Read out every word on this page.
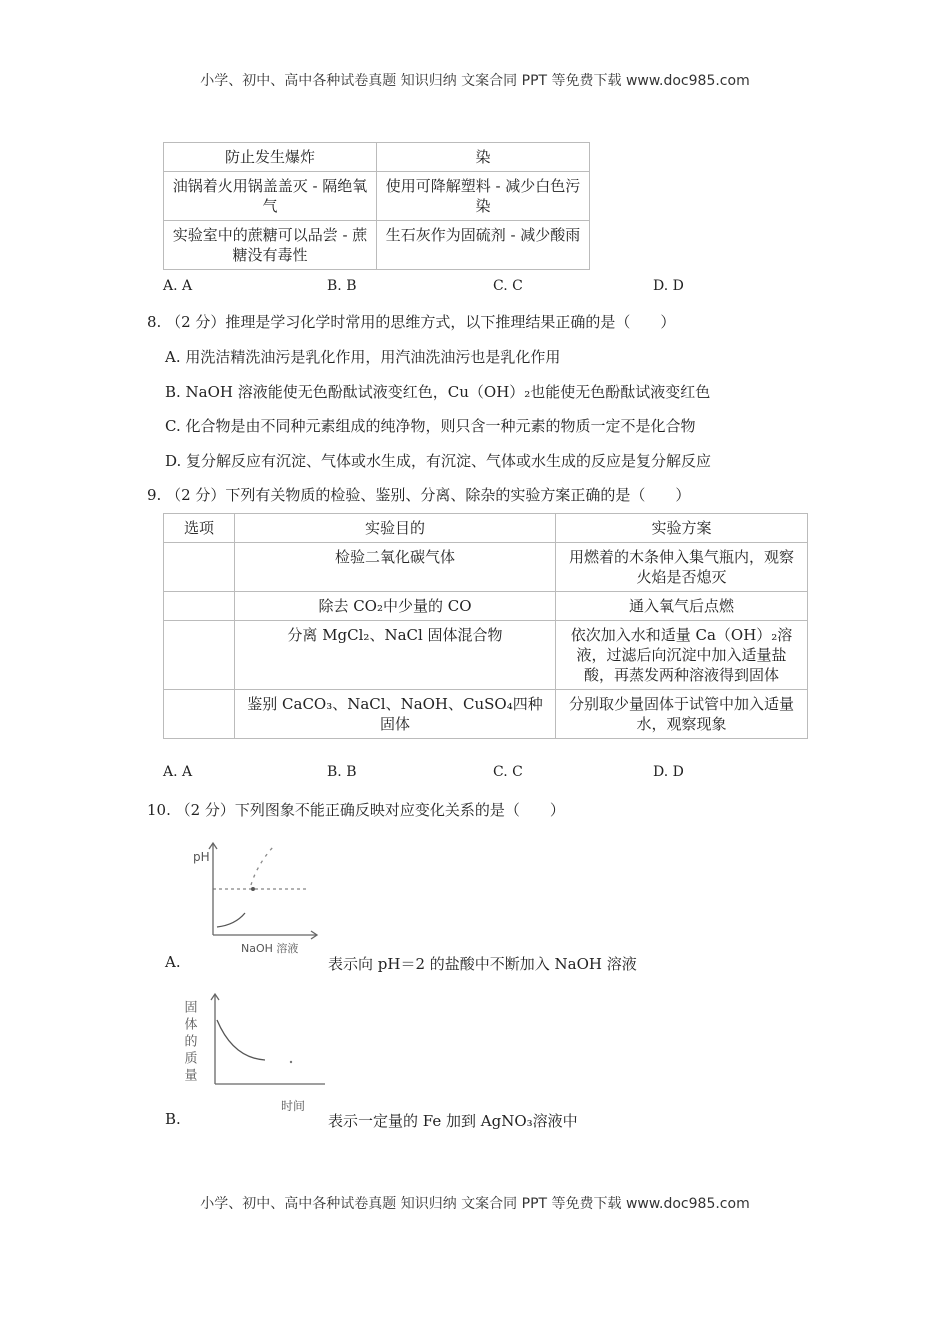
小学、初中、高中各种试卷真题 知识归纳 文案合同 PPT 等免费下载 www.doc985.com
防止发生爆炸	染
油锅着火用锅盖盖灭 - 隔绝氧气	使用可降解塑料 - 减少白色污染
实验室中的蔗糖可以品尝 - 蔗糖没有毒性	生石灰作为固硫剂 - 减少酸雨
A. A	B. B	C. C	D. D
8. （2 分）推理是学习化学时常用的思维方式，以下推理结果正确的是（　　）
A. 用洗洁精洗油污是乳化作用，用汽油洗油污也是乳化作用
B. NaOH 溶液能使无色酚酞试液变红色，Cu（OH）₂也能使无色酚酞试液变红色
C. 化合物是由不同种元素组成的纯净物，则只含一种元素的物质一定不是化合物
D. 复分解反应有沉淀、气体或水生成，有沉淀、气体或水生成的反应是复分解反应
9. （2 分）下列有关物质的检验、鉴别、分离、除杂的实验方案正确的是（　　）
选项	实验目的	实验方案
	检验二氧化碳气体	用燃着的木条伸入集气瓶内，观察火焰是否熄灭
	除去 CO₂中少量的 CO	通入氧气后点燃
	分离 MgCl₂、NaCl 固体混合物	依次加入水和适量 Ca（OH）₂溶液，过滤后向沉淀中加入适量盐酸，再蒸发两种溶液得到固体
	鉴别 CaCO₃、NaCl、NaOH、CuSO₄四种固体	分别取少量固体于试管中加入适量水，观察现象
A. A	B. B	C. C	D. D
10. （2 分）下列图象不能正确反映对应变化关系的是（　　）
pH
NaOH 溶液
A.	表示向 pH＝2 的盐酸中不断加入 NaOH 溶液
固体的质量
时间
B.	表示一定量的 Fe 加到 AgNO₃溶液中
小学、初中、高中各种试卷真题 知识归纳 文案合同 PPT 等免费下载 www.doc985.com
